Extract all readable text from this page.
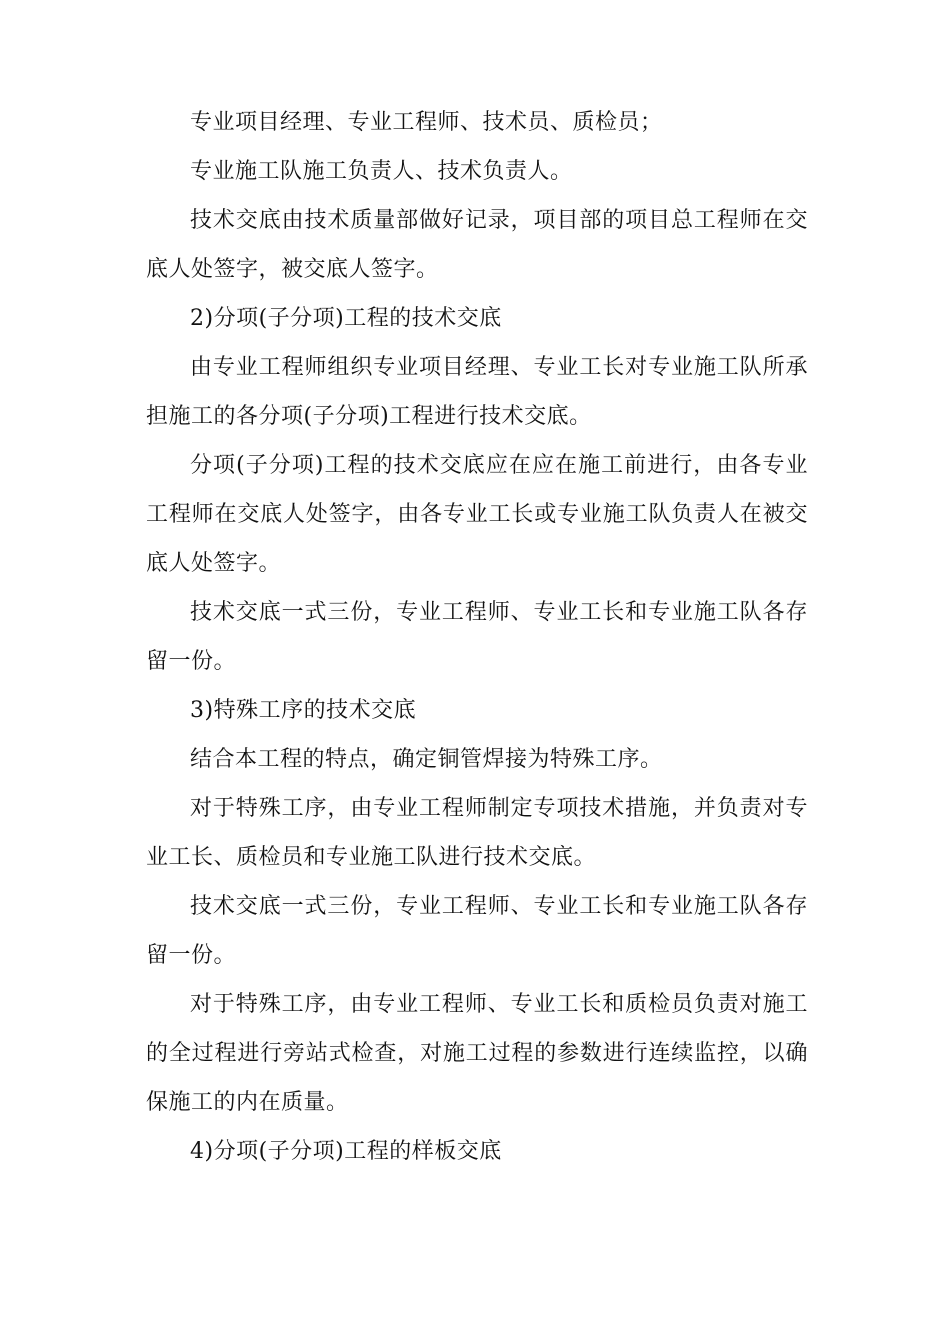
专业项目经理、专业工程师、技术员、质检员；

专业施工队施工负责人、技术负责人。

技术交底由技术质量部做好记录，项目部的项目总工程师在交底人处签字，被交底人签字。

2)分项(子分项)工程的技术交底

由专业工程师组织专业项目经理、专业工长对专业施工队所承担施工的各分项(子分项)工程进行技术交底。

分项(子分项)工程的技术交底应在应在施工前进行，由各专业工程师在交底人处签字，由各专业工长或专业施工队负责人在被交底人处签字。

技术交底一式三份，专业工程师、专业工长和专业施工队各存留一份。

3)特殊工序的技术交底

结合本工程的特点，确定铜管焊接为特殊工序。

对于特殊工序，由专业工程师制定专项技术措施，并负责对专业工长、质检员和专业施工队进行技术交底。

技术交底一式三份，专业工程师、专业工长和专业施工队各存留一份。

对于特殊工序，由专业工程师、专业工长和质检员负责对施工的全过程进行旁站式检查，对施工过程的参数进行连续监控，以确保施工的内在质量。

4)分项(子分项)工程的样板交底
